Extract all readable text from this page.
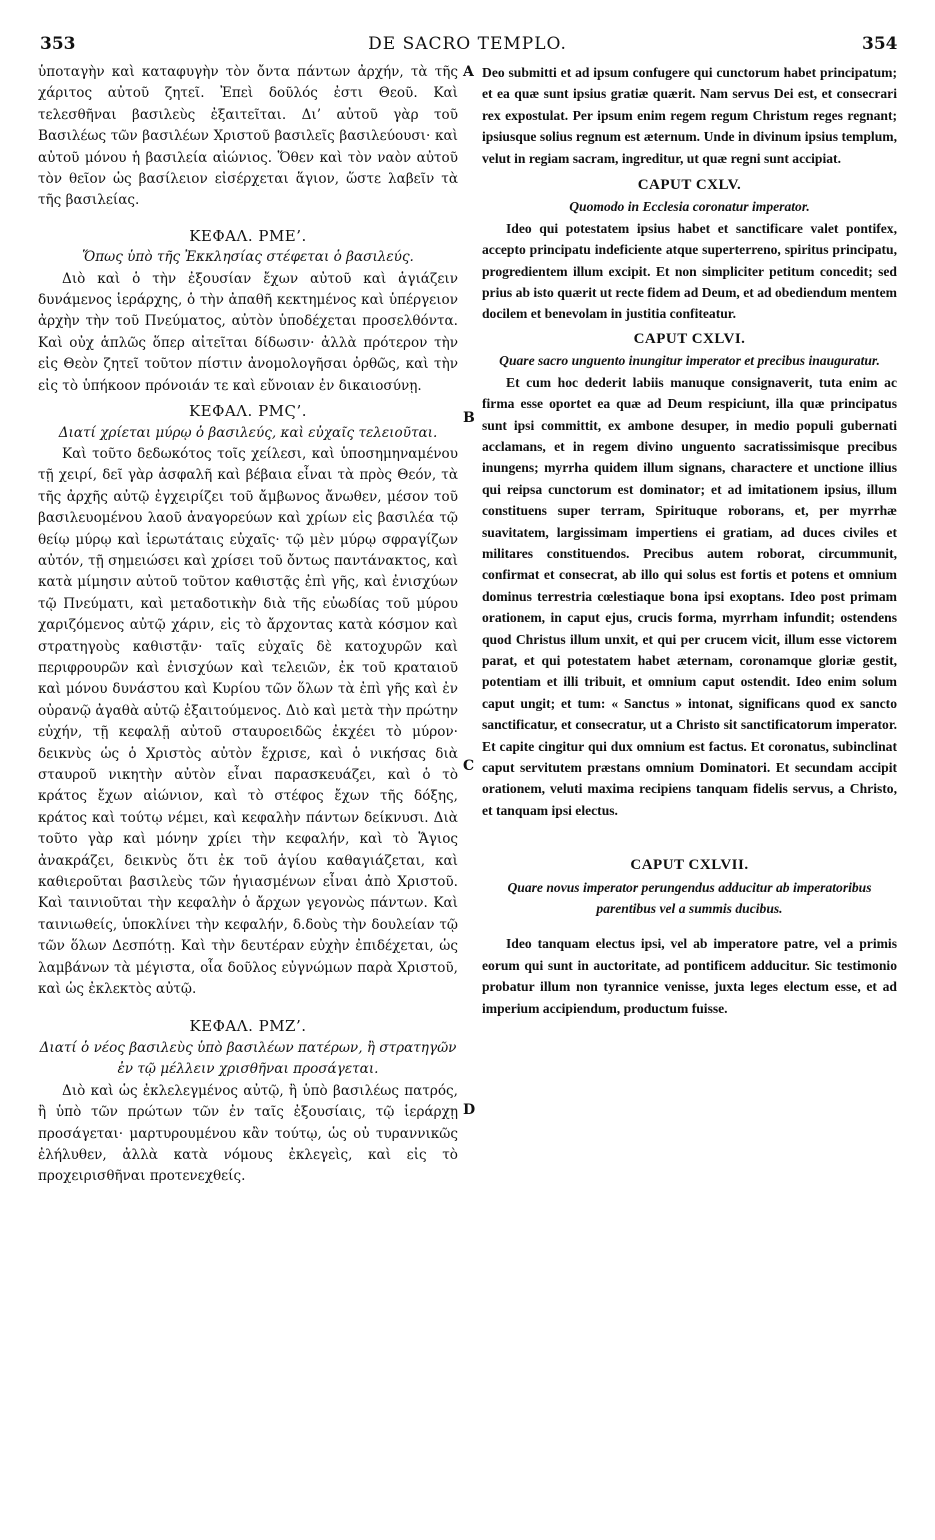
353	DE SACRO TEMPLO.	354
A
B
C
D

ὑποταγὴν καὶ καταφυγὴν τὸν ὄντα πάντων ἀρχήν, τὰ τῆς χάριτος αὐτοῦ ζητεῖ. Ἐπεὶ δοῦλός ἐστι Θεοῦ. Καὶ τελεσθῆναι βασιλεὺς ἐξαιτεῖται. Δι’ αὐτοῦ γὰρ τοῦ Βασιλέως τῶν βασιλέων Χριστοῦ βασιλεῖς βασιλεύουσι· καὶ αὐτοῦ μόνου ἡ βασιλεία αἰώνιος. Ὅθεν καὶ τὸν ναὸν αὐτοῦ τὸν θεῖον ὡς βασίλειον εἰσέρχεται ἅγιον, ὥστε λαβεῖν τὰ τῆς βασιλείας.

ΚΕΦΑΛ. ΡΜΕ’.

Ὅπως ὑπὸ τῆς Ἐκκλησίας στέφεται ὁ βασιλεύς.

Διὸ καὶ ὁ τὴν ἐξουσίαν ἔχων αὐτοῦ καὶ ἁγιάζειν δυνάμενος ἱεράρχης, ὁ τὴν ἀπαθῆ κεκτημένος καὶ ὑπέργειον ἀρχὴν τὴν τοῦ Πνεύματος, αὐτὸν ὑποδέχεται προσελθόντα. Καὶ οὐχ ἁπλῶς ὅπερ αἰτεῖται δίδωσιν· ἀλλὰ πρότερον τὴν εἰς Θεὸν ζητεῖ τοῦτον πίστιν ἀνομολογῆσαι ὀρθῶς, καὶ τὴν εἰς τὸ ὑπήκοον πρόνοιάν τε καὶ εὔνοιαν ἐν δικαιοσύνῃ.

ΚΕΦΑΛ. ΡΜϚ’.

Διατί χρίεται μύρῳ ὁ βασιλεύς, καὶ εὐχαῖς τελειοῦται.

Καὶ τοῦτο δεδωκότος τοῖς χείλεσι, καὶ ὑποσημηναμένου τῇ χειρί, δεῖ γὰρ ἀσφαλῆ καὶ βέβαια εἶναι τὰ πρὸς Θεόν, τὰ τῆς ἀρχῆς αὐτῷ ἐγχειρίζει τοῦ ἄμβωνος ἄνωθεν, μέσον τοῦ βασιλευομένου λαοῦ ἀναγορεύων καὶ χρίων εἰς βασιλέα τῷ θείῳ μύρῳ καὶ ἱερωτάταις εὐχαῖς· τῷ μὲν μύρῳ σφραγίζων αὐτόν, τῇ σημειώσει καὶ χρίσει τοῦ ὄντως παντάνακτος, καὶ κατὰ μίμησιν αὐτοῦ τοῦτον καθιστᾷς ἐπὶ γῆς, καὶ ἐνισχύων τῷ Πνεύματι, καὶ μεταδοτικὴν διὰ τῆς εὐωδίας τοῦ μύρου χαριζόμενος αὐτῷ χάριν, εἰς τὸ ἄρχοντας κατὰ κόσμον καὶ στρατηγοὺς καθιστᾷν· ταῖς εὐχαῖς δὲ κατοχυρῶν καὶ περιφρουρῶν καὶ ἐνισχύων καὶ τελειῶν, ἐκ τοῦ κραταιοῦ καὶ μόνου δυνάστου καὶ Κυρίου τῶν ὅλων τὰ ἐπὶ γῆς καὶ ἐν οὐρανῷ ἀγαθὰ αὐτῷ ἐξαιτούμενος. Διὸ καὶ μετὰ τὴν πρώτην εὐχήν, τῇ κεφαλῇ αὐτοῦ σταυροειδῶς ἐκχέει τὸ μύρον· δεικνὺς ὡς ὁ Χριστὸς αὐτὸν ἔχρισε, καὶ ὁ νικήσας διὰ σταυροῦ νικητὴν αὐτὸν εἶναι παρασκευάζει, καὶ ὁ τὸ κράτος ἔχων αἰώνιον, καὶ τὸ στέφος ἔχων τῆς δόξης, κράτος καὶ τούτῳ νέμει, καὶ κεφαλὴν πάντων δείκνυσι. Διὰ τοῦτο γὰρ καὶ μόνην χρίει τὴν κεφαλήν, καὶ τὸ Ἅγιος ἀνακράζει, δεικνὺς ὅτι ἐκ τοῦ ἁγίου καθαγιάζεται, καὶ καθιεροῦται βασιλεὺς τῶν ἡγιασμένων εἶναι ἀπὸ Χριστοῦ. Καὶ ταινιοῦται τὴν κεφαλὴν ὁ ἄρχων γεγονὼς πάντων. Καὶ ταινιωθείς, ὑποκλίνει τὴν κεφαλήν, δ.δοὺς τὴν δουλείαν τῷ τῶν ὅλων Δεσπότῃ. Καὶ τὴν δευτέραν εὐχὴν ἐπιδέχεται, ὡς λαμβάνων τὰ μέγιστα, οἷα δοῦλος εὐγνώμων παρὰ Χριστοῦ, καὶ ὡς ἐκλεκτὸς αὐτῷ.

ΚΕΦΑΛ. ΡΜΖ’.

Διατί ὁ νέος βασιλεὺς ὑπὸ βασιλέων πατέρων, ἢ στρατηγῶν ἐν τῷ μέλλειν χρισθῆναι προσάγεται.

Διὸ καὶ ὡς ἐκλελεγμένος αὐτῷ, ἢ ὑπὸ βασιλέως πατρός, ἢ ὑπὸ τῶν πρώτων τῶν ἐν ταῖς ἐξουσίαις, τῷ ἱεράρχῃ προσάγεται· μαρτυρουμένου κἂν τούτῳ, ὡς οὐ τυραννικῶς ἐλήλυθεν, ἀλλὰ κατὰ νόμους ἐκλεγεὶς, καὶ εἰς τὸ προχειρισθῆναι προτενεχθείς.

Deo submitti et ad ipsum confugere qui cunctorum habet principatum; et ea quæ sunt ipsius gratiæ quærit. Nam servus Dei est, et consecrari rex expostulat. Per ipsum enim regem regum Christum reges regnant; ipsiusque solius regnum est æternum. Unde in divinum ipsius templum, velut in regiam sacram, ingreditur, ut quæ regni sunt accipiat.

CAPUT CXLV.

Quomodo in Ecclesia coronatur imperator.

Ideo qui potestatem ipsius habet et sanctificare valet pontifex, accepto principatu indeficiente atque superterreno, spiritus principatu, progredientem illum excipit. Et non simpliciter petitum concedit; sed prius ab isto quærit ut recte fidem ad Deum, et ad obediendum mentem docilem et benevolam in justitia confiteatur.

CAPUT CXLVI.

Quare sacro unguento inungitur imperator et precibus inauguratur.

Et cum hoc dederit labiis manuque consignaverit, tuta enim ac firma esse oportet ea quæ ad Deum respiciunt, illa quæ principatus sunt ipsi committit, ex ambone desuper, in medio populi gubernati acclamans, et in regem divino unguento sacratissimisque precibus inungens; myrrha quidem illum signans, charactere et unctione illius qui reipsa cunctorum est dominator; et ad imitationem ipsius, illum constituens super terram, Spirituque roborans, et, per myrrhæ suavitatem, largissimam impertiens ei gratiam, ad duces civiles et militares constituendos. Precibus autem roborat, circummunit, confirmat et consecrat, ab illo qui solus est fortis et potens et omnium dominus terrestria cœlestiaque bona ipsi exoptans. Ideo post primam orationem, in caput ejus, crucis forma, myrrham infundit; ostendens quod Christus illum unxit, et qui per crucem vicit, illum esse victorem parat, et qui potestatem habet æternam, coronamque gloriæ gestit, potentiam et illi tribuit, et omnium caput ostendit. Ideo enim solum caput ungit; et tum: « Sanctus » intonat, significans quod ex sancto sanctificatur, et consecratur, ut a Christo sit sanctificatorum imperator. Et capite cingitur qui dux omnium est factus. Et coronatus, subinclinat caput servitutem præstans omnium Dominatori. Et secundam accipit orationem, veluti maxima recipiens tanquam fidelis servus, a Christo, et tanquam ipsi electus.

CAPUT CXLVII.

Quare novus imperator perungendus adducitur ab imperatoribus parentibus vel a summis ducibus.

Ideo tanquam electus ipsi, vel ab imperatore patre, vel a primis eorum qui sunt in auctoritate, ad pontificem adducitur. Sic testimonio probatur illum non tyrannice venisse, juxta leges electum esse, et ad imperium accipiendum, productum fuisse.
